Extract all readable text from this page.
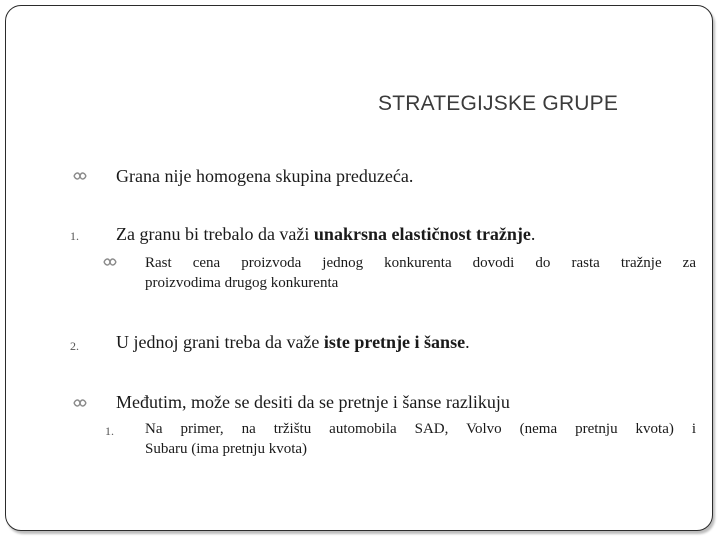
STRATEGIJSKE GRUPE
Grana nije homogena skupina preduzeća.
1. Za granu bi trebalo da važi unakrsna elastičnost tražnje.
Rast cena proizvoda jednog konkurenta dovodi do rasta tražnje za
proizvodima drugog konkurenta
2. U jednoj grani treba da važe iste pretnje i šanse.
Međutim, može se desiti da se pretnje i šanse razlikuju
1. Na primer, na tržištu automobila SAD, Volvo (nema pretnju kvota) i
Subaru (ima pretnju kvota)
